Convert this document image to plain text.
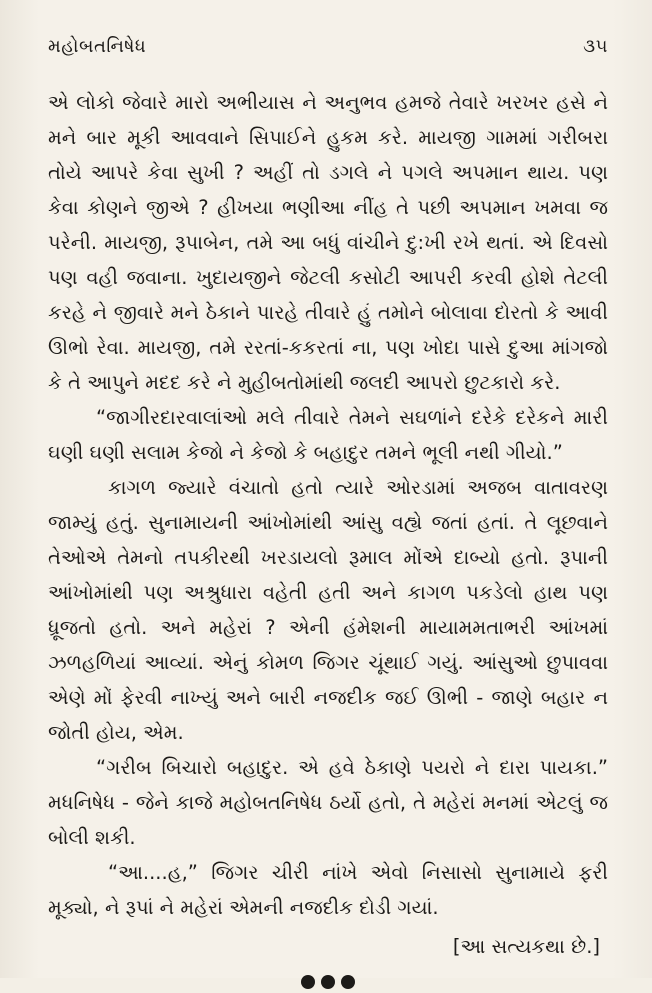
મહોબતનિષેધ	૩૫

એ લોકો જેવારે મારો અભીયાસ ને અનુભવ હમજે તેવારે ખરખર હસે ને મને બાર મૂકી આવવાને સિપાઈને હુકમ કરે. માયજી ગામમાં ગરીબરા તોયે આપરે કેવા સુખી ? અહીં તો ડગલે ને પગલે અપમાન થાય. પણ કેવા કોણને જીએ ? હીખયા ભણીઆ નીંહ તે પછી અપમાન ખમવા જ પરેની. માયજી, રૂપાબેન, તમે આ બધું વાંચીને દુ:ખી રખે થતાં. એ દિવસો પણ વહી જવાના. ખુદાયજીને જેટલી કસોટી આપરી કરવી હોશે તેટલી કરહે ને જીવારે મને ઠેકાને પારહે તીવારે હું તમોને બોલાવા દોરતો કે આવી ઊભો રેવા. માયજી, તમે રરતાં-કકરતાં ના, પણ ખોદા પાસે દુઆ માંગજો કે તે આપુને મદદ કરે ને મુહીબતોમાંથી જલદી આપરો છુટકારો કરે.

“જાગીરદારવાલાંઓ મલે તીવારે તેમને સઘળાંને દરેકે દરેકને મારી ઘણી ઘણી સલામ કેજો ને કેજો કે બહાદુર તમને ભૂલી નથી ગીયો.”

કાગળ જ્યારે વંચાતો હતો ત્યારે ઓરડામાં અજબ વાતાવરણ જામ્યું હતું. સુનામાયની આંખોમાંથી આંસુ વહ્યે જતાં હતાં. તે લૂછવાને તેઓએ તેમનો તપકીરથી ખરડાયલો રૂમાલ મોંએ દાબ્યો હતો. રૂપાની આંખોમાંથી પણ અશ્રુધારા વહેતી હતી અને કાગળ પકડેલો હાથ પણ ધ્રૂજતો હતો. અને મહેરાં ? એની હંમેશની માયામમતાભરી આંખમાં ઝળહળિયાં આવ્યાં. એનું કોમળ જિગર ચૂંથાઈ ગયું. આંસુઓ છુપાવવા એણે મોં ફેરવી નાખ્યું અને બારી નજદીક જઈ ઊભી - જાણે બહાર ન જોતી હોય, એમ.

“ગરીબ બિચારો બહાદુર. એ હવે ઠેકાણે પયરો ને દારા પાયકા.” મધનિષેધ - જેને કાજે મહોબતનિષેધ ઠર્યો હતો, તે મહેરાં મનમાં એટલું જ બોલી શકી.

“આ....હ,” જિગર ચીરી નાંખે એવો નિસાસો સુનામાયે ફરી મૂક્યો, ને રૂપાં ને મહેરાં એમની નજદીક દોડી ગયાં.

[આ સત્યકથા છે.]
